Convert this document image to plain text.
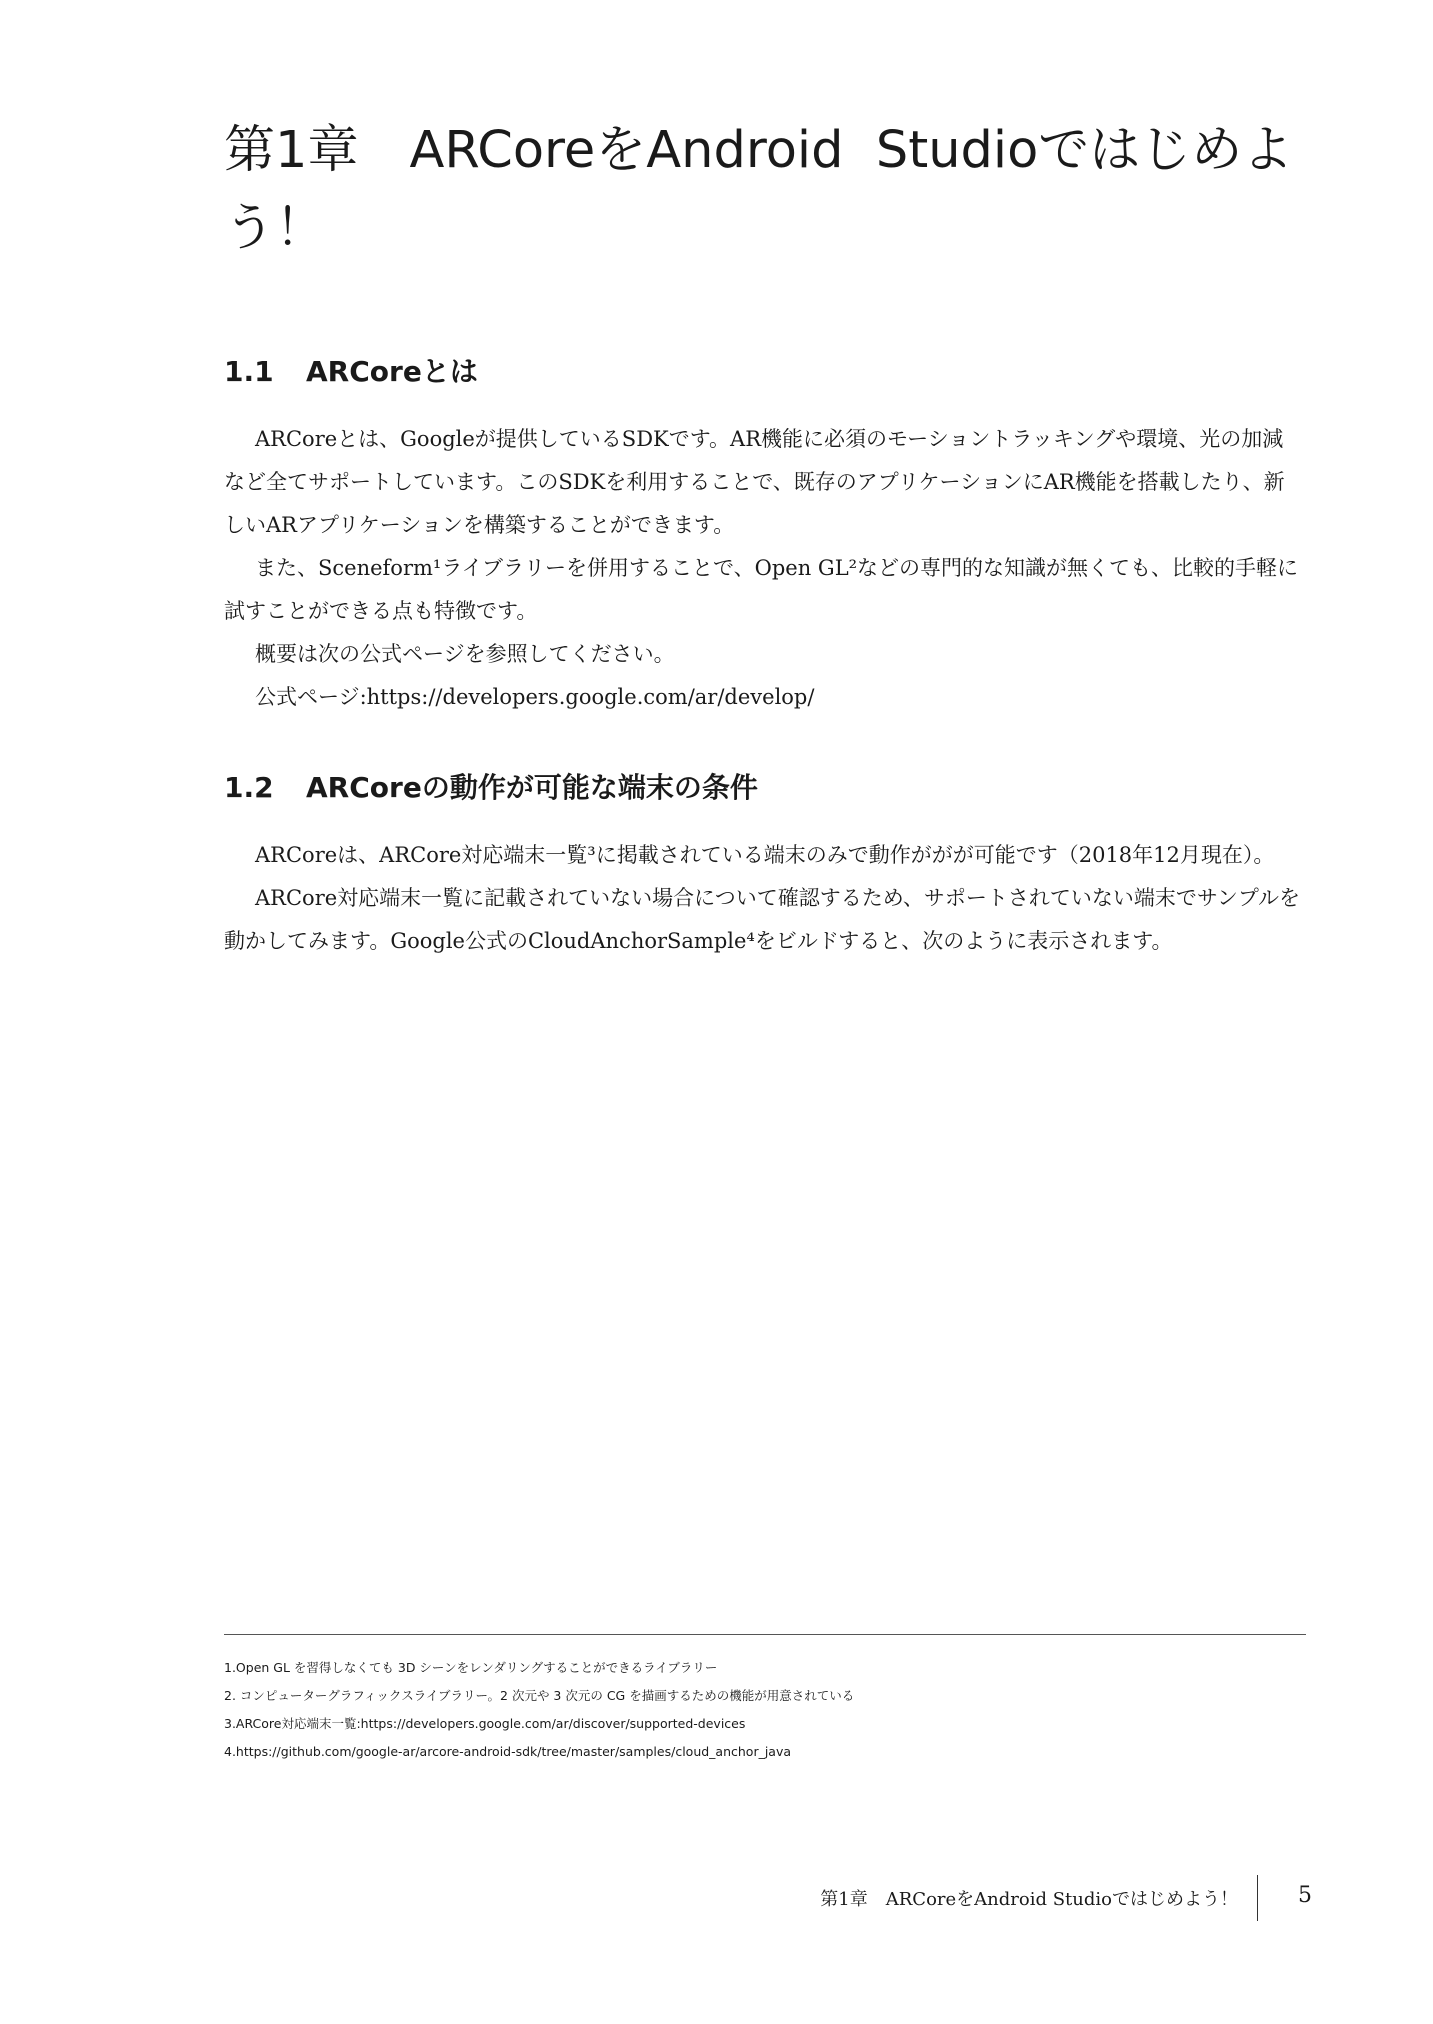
第1章　ARCoreをAndroid  Studioではじめよう！
1.1 ARCoreとは

ARCoreとは、Googleが提供しているSDKです。AR機能に必須のモーショントラッキングや環境、光の加減など全てサポートしています。このSDKを利用することで、既存のアプリケーションにAR機能を搭載したり、新しいARアプリケーションを構築することができます。

また、Sceneform¹ライブラリーを併用することで、Open GL²などの専門的な知識が無くても、比較的手軽に試すことができる点も特徴です。

概要は次の公式ページを参照してください。

公式ページ:https://developers.google.com/ar/develop/

1.2 ARCoreの動作が可能な端末の条件

ARCoreは、ARCore対応端末一覧³に掲載されている端末のみで動作ががが可能です（2018年12月現在）。

ARCore対応端末一覧に記載されていない場合について確認するため、サポートされていない端末でサンプルを動かしてみます。Google公式のCloudAnchorSample⁴をビルドすると、次のように表示されます。

1.Open GL を習得しなくても 3D シーンをレンダリングすることができるライブラリー
2. コンピューターグラフィックスライブラリー。2 次元や 3 次元の CG を描画するための機能が用意されている
3.ARCore対応端末一覧:https://developers.google.com/ar/discover/supported-devices
4.https://github.com/google-ar/arcore-android-sdk/tree/master/samples/cloud_anchor_java
第1章　ARCoreをAndroid Studioではじめよう！	5
